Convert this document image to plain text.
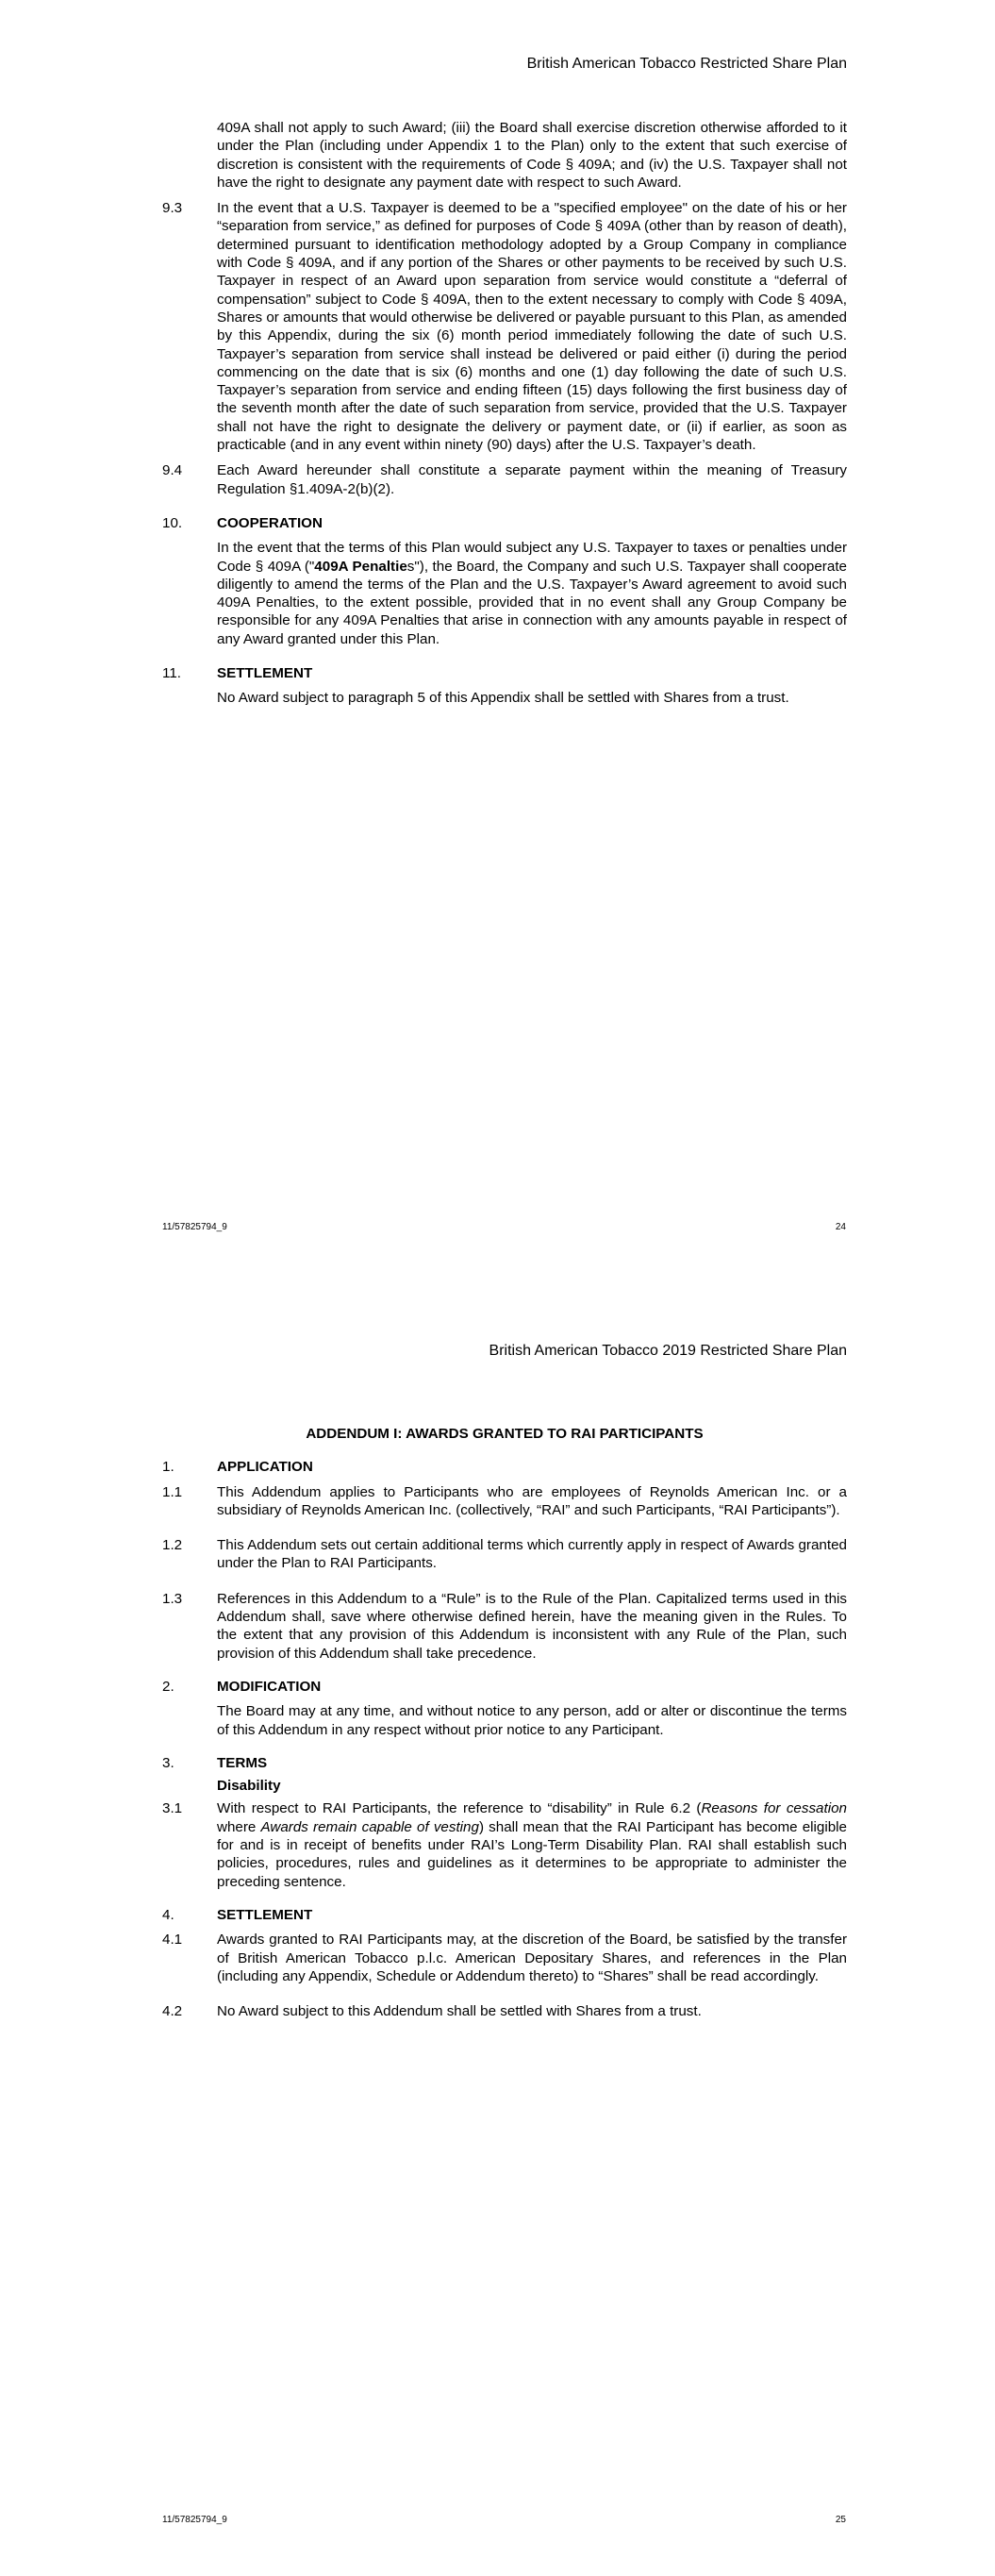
British American Tobacco Restricted Share Plan

409A shall not apply to such Award; (iii) the Board shall exercise discretion otherwise afforded to it under the Plan (including under Appendix 1 to the Plan) only to the extent that such exercise of discretion is consistent with the requirements of Code § 409A; and (iv) the U.S. Taxpayer shall not have the right to designate any payment date with respect to such Award.

9.3	In the event that a U.S. Taxpayer is deemed to be a "specified employee" on the date of his or her “separation from service,” as defined for purposes of Code § 409A (other than by reason of death), determined pursuant to identification methodology adopted by a Group Company in compliance with Code § 409A, and if any portion of the Shares or other payments to be received by such U.S. Taxpayer in respect of an Award upon separation from service would constitute a “deferral of compensation” subject to Code § 409A, then to the extent necessary to comply with Code § 409A, Shares or amounts that would otherwise be delivered or payable pursuant to this Plan, as amended by this Appendix, during the six (6) month period immediately following the date of such U.S. Taxpayer’s separation from service shall instead be delivered or paid either (i) during the period commencing on the date that is six (6) months and one (1) day following the date of such U.S. Taxpayer’s separation from service and ending fifteen (15) days following the first business day of the seventh month after the date of such separation from service, provided that the U.S. Taxpayer shall not have the right to designate the delivery or payment date, or (ii) if earlier, as soon as practicable (and in any event within ninety (90) days) after the U.S. Taxpayer’s death.
9.4	Each Award hereunder shall constitute a separate payment within the meaning of Treasury Regulation §1.409A-2(b)(2).
10.	COOPERATION

In the event that the terms of this Plan would subject any U.S. Taxpayer to taxes or penalties under Code § 409A ("409A Penalties"), the Board, the Company and such U.S. Taxpayer shall cooperate diligently to amend the terms of the Plan and the U.S. Taxpayer’s Award agreement to avoid such 409A Penalties, to the extent possible, provided that in no event shall any Group Company be responsible for any 409A Penalties that arise in connection with any amounts payable in respect of any Award granted under this Plan.

11.	SETTLEMENT

No Award subject to paragraph 5 of this Appendix shall be settled with Shares from a trust.

11/57825794_9	24
British American Tobacco 2019 Restricted Share Plan

ADDENDUM I: AWARDS GRANTED TO RAI PARTICIPANTS

1.	APPLICATION
1.1	This Addendum applies to Participants who are employees of Reynolds American Inc. or a subsidiary of Reynolds American Inc. (collectively, “RAI” and such Participants, “RAI Participants”).
1.2	This Addendum sets out certain additional terms which currently apply in respect of Awards granted under the Plan to RAI Participants.
1.3	References in this Addendum to a “Rule” is to the Rule of the Plan. Capitalized terms used in this Addendum shall, save where otherwise defined herein, have the meaning given in the Rules. To the extent that any provision of this Addendum is inconsistent with any Rule of the Plan, such provision of this Addendum shall take precedence.
2.	MODIFICATION

The Board may at any time, and without notice to any person, add or alter or discontinue the terms of this Addendum in any respect without prior notice to any Participant.

3.	TERMS

Disability

3.1	With respect to RAI Participants, the reference to “disability” in Rule 6.2 (Reasons for cessation where Awards remain capable of vesting) shall mean that the RAI Participant has become eligible for and is in receipt of benefits under RAI’s Long-Term Disability Plan. RAI shall establish such policies, procedures, rules and guidelines as it determines to be appropriate to administer the preceding sentence.
4.	SETTLEMENT
4.1	Awards granted to RAI Participants may, at the discretion of the Board, be satisfied by the transfer of British American Tobacco p.l.c. American Depositary Shares, and references in the Plan (including any Appendix, Schedule or Addendum thereto) to “Shares” shall be read accordingly.
4.2	No Award subject to this Addendum shall be settled with Shares from a trust.
11/57825794_9	25
